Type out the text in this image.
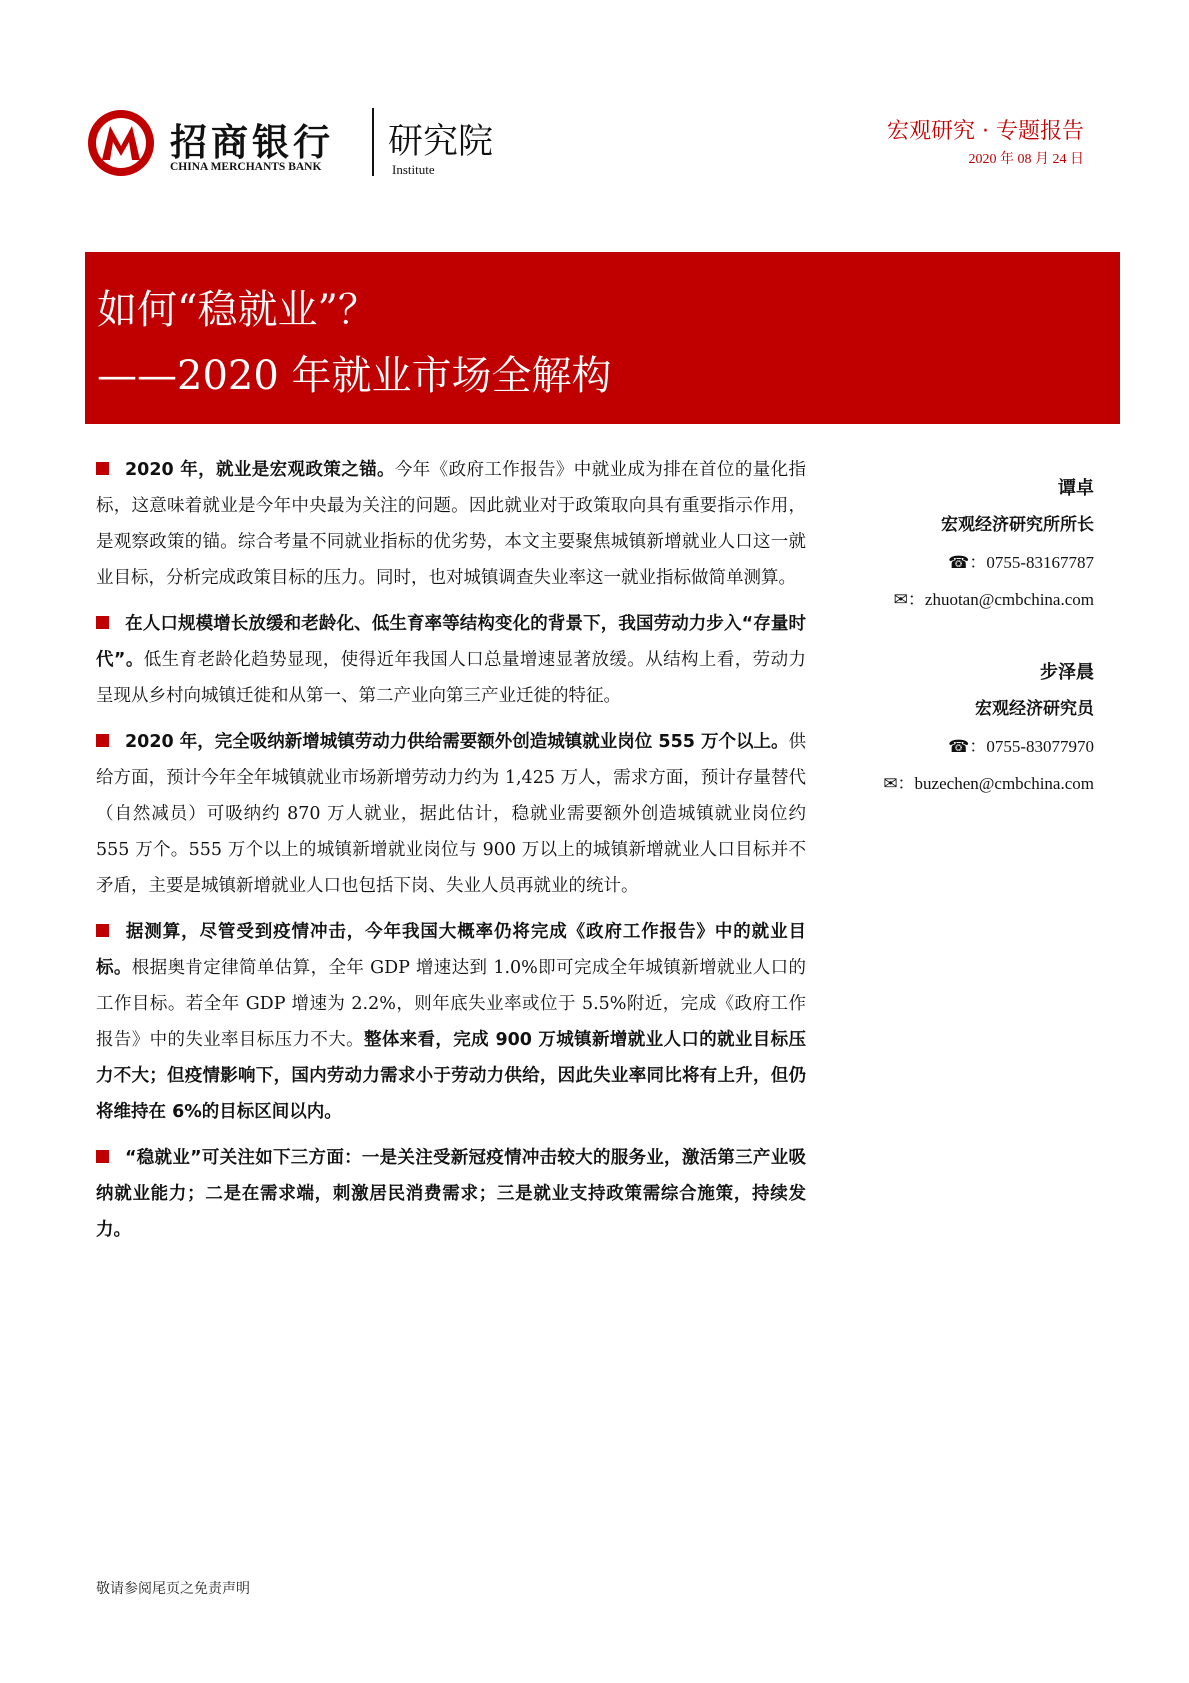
招商银行
CHINA MERCHANTS BANK
研究院
Institute
宏观研究 · 专题报告
2020 年 08 月 24 日
如何“稳就业”？
——2020 年就业市场全解构

2020 年，就业是宏观政策之锚。今年《政府工作报告》中就业成为排在首位的量化指标，这意味着就业是今年中央最为关注的问题。因此就业对于政策取向具有重要指示作用，是观察政策的锚。综合考量不同就业指标的优劣势，本文主要聚焦城镇新增就业人口这一就业目标，分析完成政策目标的压力。同时，也对城镇调查失业率这一就业指标做简单测算。

在人口规模增长放缓和老龄化、低生育率等结构变化的背景下，我国劳动力步入“存量时代”。低生育老龄化趋势显现，使得近年我国人口总量增速显著放缓。从结构上看，劳动力呈现从乡村向城镇迁徙和从第一、第二产业向第三产业迁徙的特征。

2020 年，完全吸纳新增城镇劳动力供给需要额外创造城镇就业岗位 555 万个以上。供给方面，预计今年全年城镇就业市场新增劳动力约为 1,425 万人，需求方面，预计存量替代（自然减员）可吸纳约 870 万人就业，据此估计，稳就业需要额外创造城镇就业岗位约 555 万个。555 万个以上的城镇新增就业岗位与 900 万以上的城镇新增就业人口目标并不矛盾，主要是城镇新增就业人口也包括下岗、失业人员再就业的统计。

据测算，尽管受到疫情冲击，今年我国大概率仍将完成《政府工作报告》中的就业目标。根据奥肯定律简单估算，全年 GDP 增速达到 1.0%即可完成全年城镇新增就业人口的工作目标。若全年 GDP 增速为 2.2%，则年底失业率或位于 5.5%附近，完成《政府工作报告》中的失业率目标压力不大。整体来看，完成 900 万城镇新增就业人口的就业目标压力不大；但疫情影响下，国内劳动力需求小于劳动力供给，因此失业率同比将有上升，但仍将维持在 6%的目标区间以内。

“稳就业”可关注如下三方面：一是关注受新冠疫情冲击较大的服务业，激活第三产业吸纳就业能力；二是在需求端，刺激居民消费需求；三是就业支持政策需综合施策，持续发力。

谭卓
宏观经济研究所所长
☎：0755-83167787
✉：zhuotan@cmbchina.com
步泽晨
宏观经济研究员
☎：0755-83077970
✉：buzechen@cmbchina.com
敬请参阅尾页之免责声明
